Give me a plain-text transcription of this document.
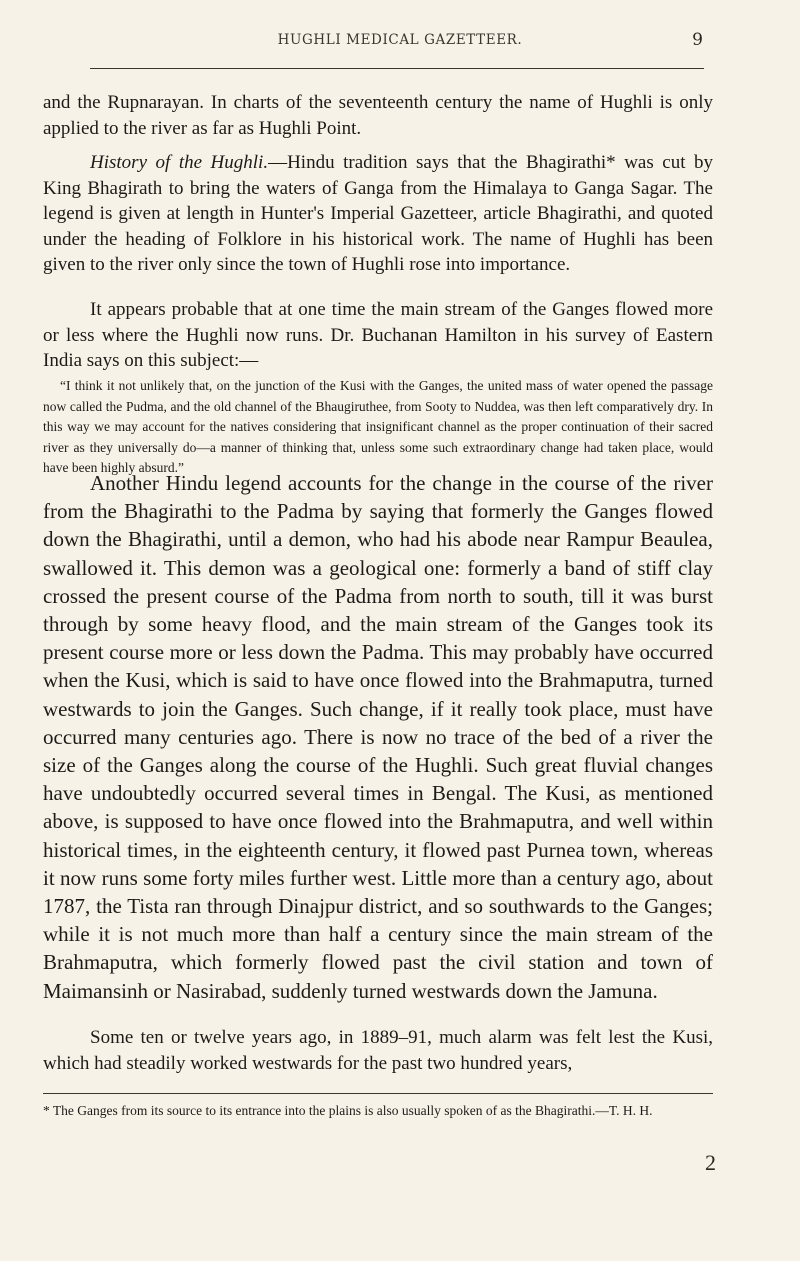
HUGHLI MEDICAL GAZETTEER.	9

and the Rupnarayan. In charts of the seventeenth century the name of Hughli is only applied to the river as far as Hughli Point.

History of the Hughli.—Hindu tradition says that the Bhagirathi* was cut by King Bhagirath to bring the waters of Ganga from the Himalaya to Ganga Sagar. The legend is given at length in Hunter's Imperial Gazetteer, article Bhagirathi, and quoted under the heading of Folklore in his historical work. The name of Hughli has been given to the river only since the town of Hughli rose into importance.

It appears probable that at one time the main stream of the Ganges flowed more or less where the Hughli now runs. Dr. Buchanan Hamilton in his survey of Eastern India says on this subject:—

“I think it not unlikely that, on the junction of the Kusi with the Ganges, the united mass of water opened the passage now called the Pudma, and the old channel of the Bhaugiruthee, from Sooty to Nuddea, was then left comparatively dry. In this way we may account for the natives considering that insignificant channel as the proper continuation of their sacred river as they universally do—a manner of thinking that, unless some such extraordinary change had taken place, would have been highly absurd.”

Another Hindu legend accounts for the change in the course of the river from the Bhagirathi to the Padma by saying that formerly the Ganges flowed down the Bhagirathi, until a demon, who had his abode near Rampur Beaulea, swallowed it. This demon was a geological one: formerly a band of stiff clay crossed the present course of the Padma from north to south, till it was burst through by some heavy flood, and the main stream of the Ganges took its present course more or less down the Padma. This may probably have occurred when the Kusi, which is said to have once flowed into the Brahmaputra, turned westwards to join the Ganges. Such change, if it really took place, must have occurred many centuries ago. There is now no trace of the bed of a river the size of the Ganges along the course of the Hughli. Such great fluvial changes have undoubtedly occurred several times in Bengal. The Kusi, as mentioned above, is supposed to have once flowed into the Brahmaputra, and well within historical times, in the eighteenth century, it flowed past Purnea town, whereas it now runs some forty miles further west. Little more than a century ago, about 1787, the Tista ran through Dinajpur district, and so southwards to the Ganges; while it is not much more than half a century since the main stream of the Brahmaputra, which formerly flowed past the civil station and town of Maimansinh or Nasirabad, suddenly turned westwards down the Jamuna.

Some ten or twelve years ago, in 1889–91, much alarm was felt lest the Kusi, which had steadily worked westwards for the past two hundred years,

* The Ganges from its source to its entrance into the plains is also usually spoken of as the Bhagirathi.—T. H. H.

2
